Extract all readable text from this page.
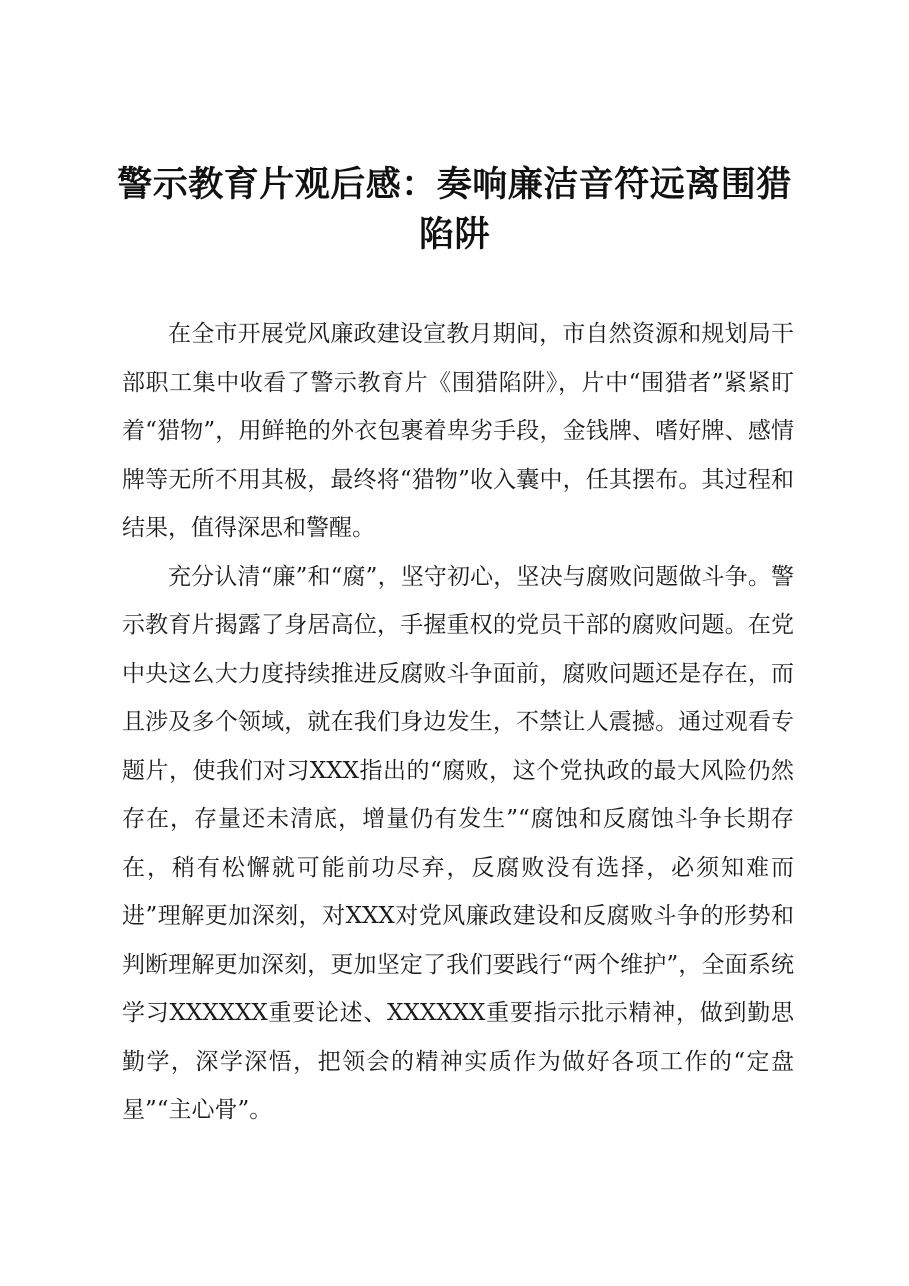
警示教育片观后感：奏响廉洁音符远离围猎陷阱

在全市开展党风廉政建设宣教月期间，市自然资源和规划局干部职工集中收看了警示教育片《围猎陷阱》，片中“围猎者”紧紧盯着“猎物”，用鲜艳的外衣包裹着卑劣手段，金钱牌、嗜好牌、感情牌等无所不用其极，最终将“猎物”收入囊中，任其摆布。其过程和结果，值得深思和警醒。

充分认清“廉”和“腐”，坚守初心，坚决与腐败问题做斗争。警示教育片揭露了身居高位，手握重权的党员干部的腐败问题。在党中央这么大力度持续推进反腐败斗争面前，腐败问题还是存在，而且涉及多个领域，就在我们身边发生，不禁让人震撼。通过观看专题片，使我们对习XXX指出的“腐败，这个党执政的最大风险仍然存在，存量还未清底，增量仍有发生”“腐蚀和反腐蚀斗争长期存在，稍有松懈就可能前功尽弃，反腐败没有选择，必须知难而进”理解更加深刻，对XXX对党风廉政建设和反腐败斗争的形势和判断理解更加深刻，更加坚定了我们要践行“两个维护”，全面系统学习XXXXXX重要论述、XXXXXX重要指示批示精神，做到勤思勤学，深学深悟，把领会的精神实质作为做好各项工作的“定盘星”“主心骨”。
